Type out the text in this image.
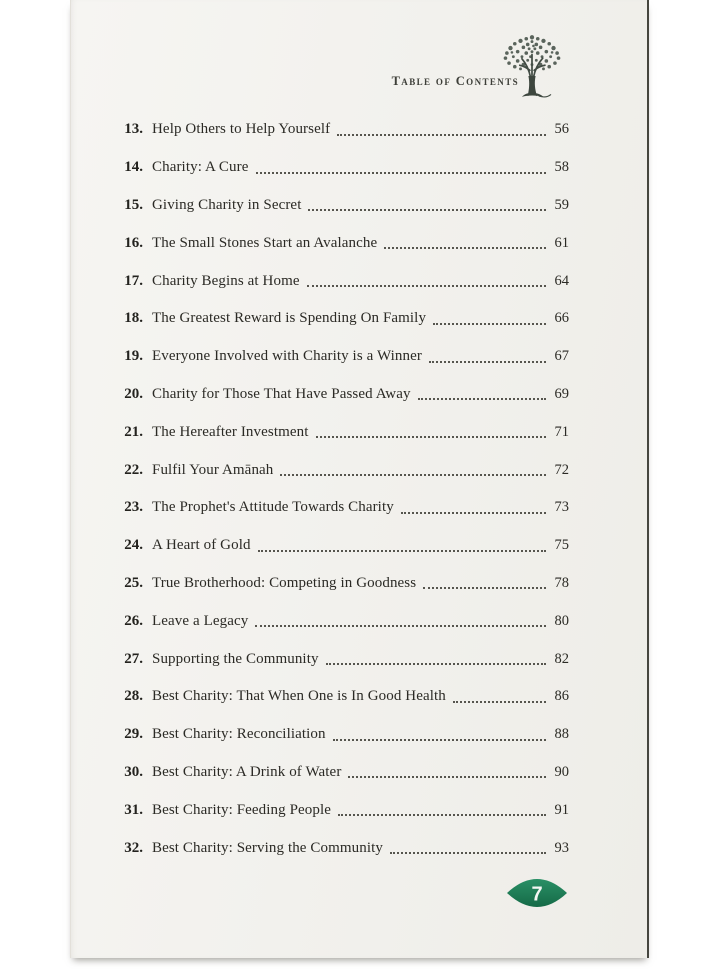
Table of Contents
13. Help Others to Help Yourself	56
14. Charity: A Cure	58
15. Giving Charity in Secret	59
16. The Small Stones Start an Avalanche	61
17. Charity Begins at Home	64
18. The Greatest Reward is Spending On Family	66
19. Everyone Involved with Charity is a Winner	67
20. Charity for Those That Have Passed Away	69
21. The Hereafter Investment	71
22. Fulfil Your Amānah	72
23. The Prophet's Attitude Towards Charity	73
24. A Heart of Gold	75
25. True Brotherhood: Competing in Goodness	78
26. Leave a Legacy	80
27. Supporting the Community	82
28. Best Charity: That When One is In Good Health	86
29. Best Charity: Reconciliation	88
30. Best Charity: A Drink of Water	90
31. Best Charity: Feeding People	91
32. Best Charity: Serving the Community	93
7
